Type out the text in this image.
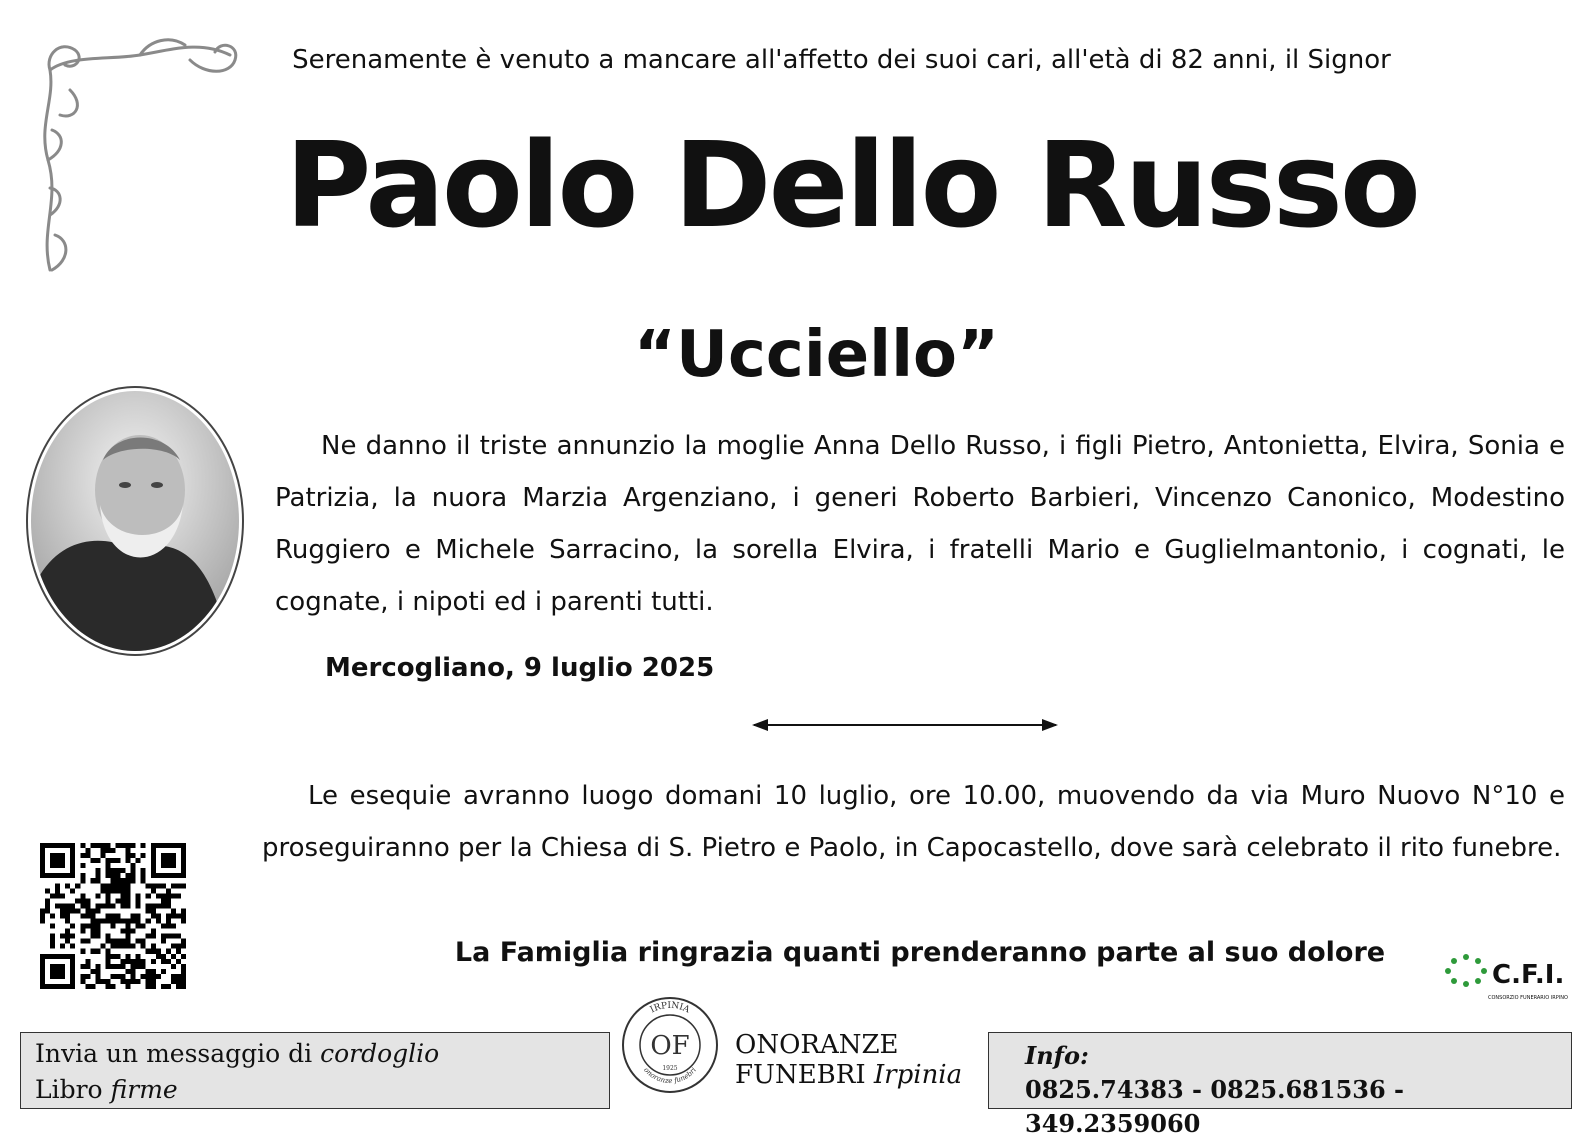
Serenamente è venuto a mancare all'affetto dei suoi cari, all'età di 82 anni, il Signor
Paolo Dello Russo
“Ucciello”
Ne danno il triste annunzio la moglie Anna Dello Russo, i figli Pietro, Antonietta, Elvira, Sonia e Patrizia, la nuora Marzia Argenziano, i generi Roberto Barbieri, Vincenzo Canonico, Modestino Ruggiero e Michele Sarracino, la sorella Elvira, i fratelli Mario e Guglielmantonio, i cognati, le cognate, i nipoti ed i parenti tutti.
Mercogliano, 9 luglio 2025
Le esequie avranno luogo domani 10 luglio, ore 10.00, muovendo da via Muro Nuovo N°10 e proseguiranno per la Chiesa di S. Pietro e Paolo, in Capocastello, dove sarà celebrato il rito funebre.
La Famiglia ringrazia quanti prenderanno parte al suo dolore
C.F.I.
CONSORZIO FUNERARIO IRPINO
Invia un messaggio di cordoglio
Libro firme
IRPINIA
onoranze funebri
OF
1925
ONORANZE
FUNEBRI Irpinia
Info:
0825.74383 - 0825.681536 - 349.2359060
